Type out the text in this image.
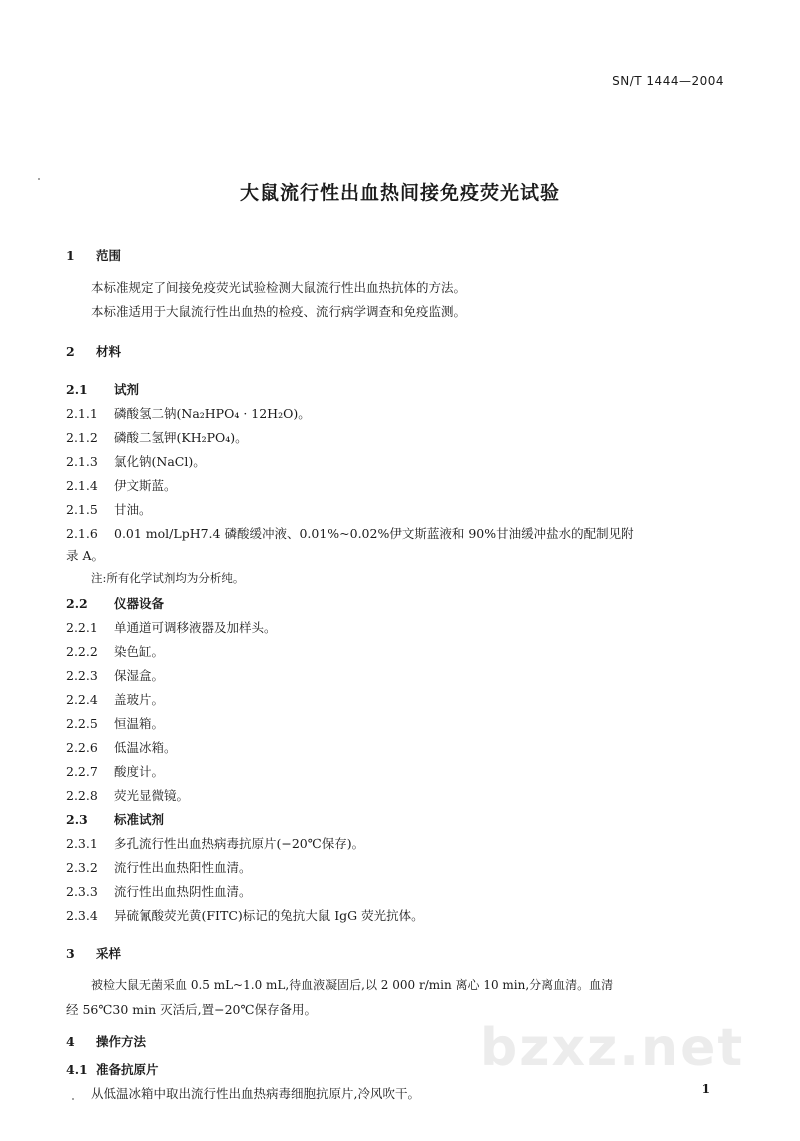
SN/T 1444—2004
大鼠流行性出血热间接免疫荧光试验
1 范围
本标准规定了间接免疫荧光试验检测大鼠流行性出血热抗体的方法。
本标准适用于大鼠流行性出血热的检疫、流行病学调查和免疫监测。
2 材料
2.1 试剂
2.1.1 磷酸氢二钠(Na₂HPO₄ · 12H₂O)。
2.1.2 磷酸二氢钾(KH₂PO₄)。
2.1.3 氯化钠(NaCl)。
2.1.4 伊文斯蓝。
2.1.5 甘油。
2.1.6 0.01 mol/LpH7.4 磷酸缓冲液、0.01%~0.02%伊文斯蓝液和 90%甘油缓冲盐水的配制见附
录 A。
注:所有化学试剂均为分析纯。
2.2 仪器设备
2.2.1 单通道可调移液器及加样头。
2.2.2 染色缸。
2.2.3 保湿盒。
2.2.4 盖玻片。
2.2.5 恒温箱。
2.2.6 低温冰箱。
2.2.7 酸度计。
2.2.8 荧光显微镜。
2.3 标准试剂
2.3.1 多孔流行性出血热病毒抗原片(−20℃保存)。
2.3.2 流行性出血热阳性血清。
2.3.3 流行性出血热阴性血清。
2.3.4 异硫氰酸荧光黄(FITC)标记的兔抗大鼠 IgG 荧光抗体。
3 采样
被检大鼠无菌采血 0.5 mL~1.0 mL,待血液凝固后,以 2 000 r/min 离心 10 min,分离血清。血清
经 56℃30 min 灭活后,置−20℃保存备用。
4 操作方法
4.1 准备抗原片
从低温冰箱中取出流行性出血热病毒细胞抗原片,冷风吹干。
bzxz.net
1
